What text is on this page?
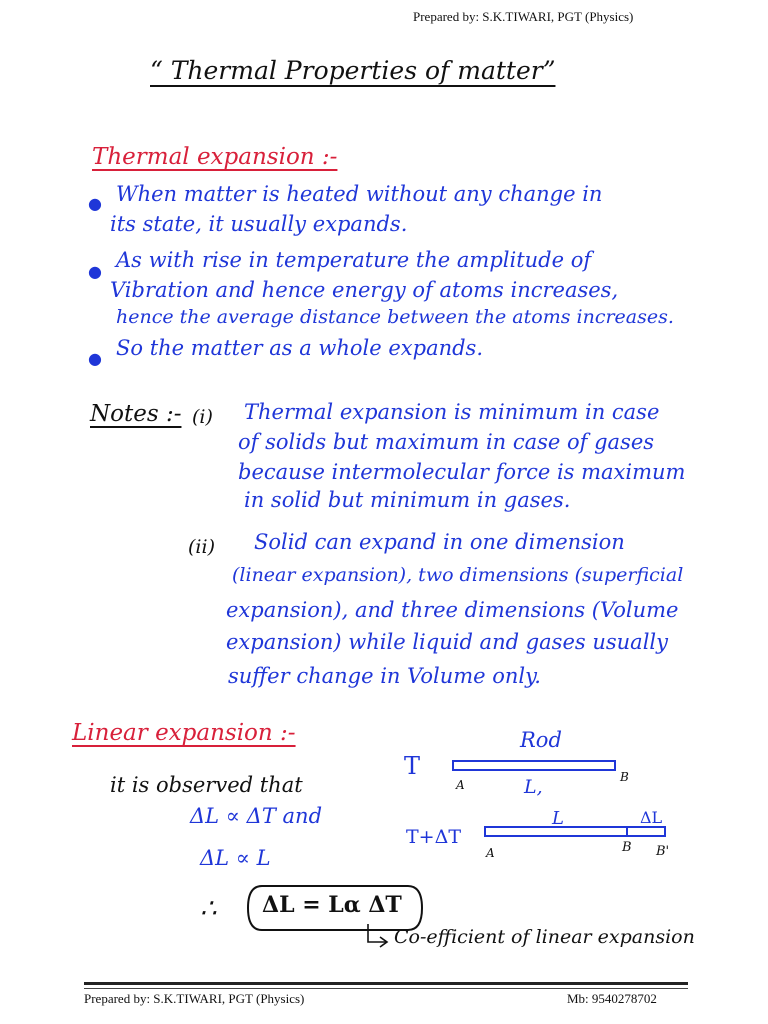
Prepared by: S.K.TIWARI, PGT (Physics)
“ Thermal Properties of matter”
Thermal expansion :-
● When matter is heated without any change in
its state, it usually expands.
● As with rise in temperature the amplitude of
Vibration and hence energy of atoms increases,
hence the average distance between the atoms increases.
● So the matter as a whole expands.
Notes :- (i) Thermal expansion is minimum in case
of solids but maximum in case of gases
because intermolecular force is maximum
in solid but minimum in gases.
(ii) Solid can expand in one dimension
(linear expansion), two dimensions (superficial
expansion), and three dimensions (Volume
expansion) while liquid and gases usually
suffer change in Volume only.
Linear expansion :-
it is observed that
ΔL ∝ ΔT and
ΔL ∝ L
∴ ΔL = Lα ΔT
Co-efficient of linear expansion
Rod
T
A
B
L,
L	ΔL
T+ΔT
A	B B'
Prepared by: S.K.TIWARI, PGT (Physics)	Mb: 9540278702
